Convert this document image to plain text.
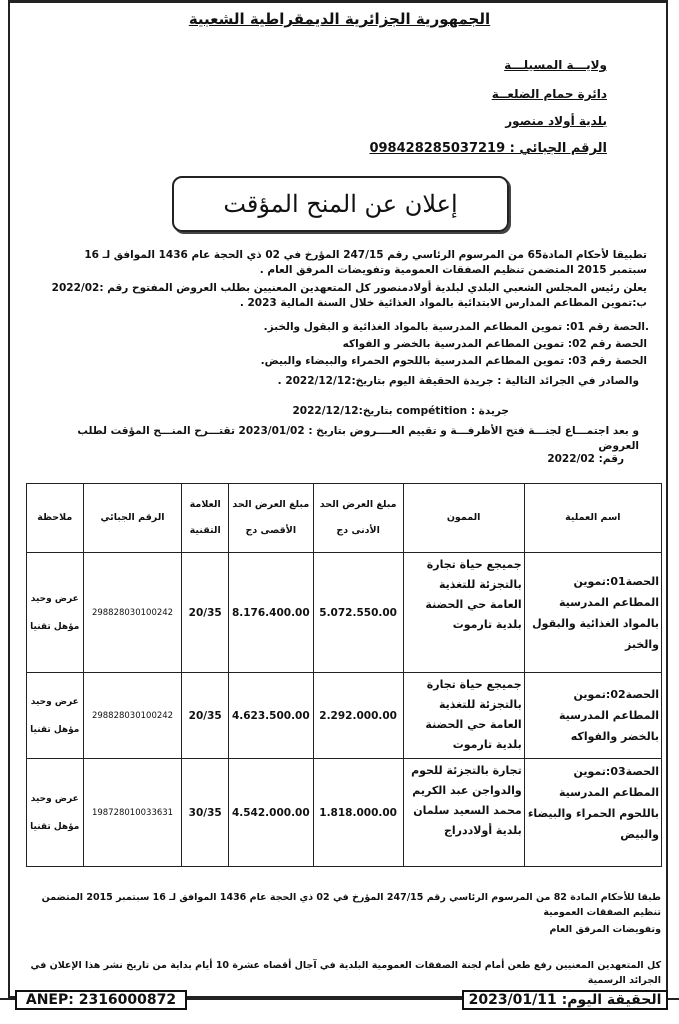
الجمهورية الجزائرية الديمقراطية الشعبية
ولايـــة المسيلـــة
دائرة حمام الضلعــة
بلدية أولاد منصور
الرقم الجبائي : 098428285037219
إعلان عن المنح المؤقت
تطبيقا لأحكام المادة65 من المرسوم الرئاسي رقم 247/15 المؤرخ في 02 ذي الحجة عام 1436 الموافق لـ 16 سبتمبر 2015 المتضمن تنظيم الصفقات العمومية وتفويضات المرفق العام .
يعلن رئيس المجلس الشعبي البلدي لبلدية أولادمنصور كل المتعهدين المعنيين بطلب العروض المفتوح رقم :2022/02 ب:تموين المطاعم المدارس الابتدائية بالمواد الغذائية خلال السنة المالية 2023 .
.الحصة رقم 01: تموين المطاعم المدرسية بالمواد الغذائية و البقول والخبز.
الحصة رقم 02: تموين المطاعم المدرسية بالخضر و الفواكه
الحصة رقم 03: تموين المطاعم المدرسية باللحوم الحمراء والبيضاء والبيض.
والصادر في الجرائد التالية : جريدة الحقيقة اليوم بتاريخ:2022/12/12 .
جريدة : compétition بتاريخ:2022/12/12
و بعد اجتمـــاع لجنـــة فتح الأظرفـــة و تقييم العــــروض بتاريخ : 2023/01/02 تقتـــرح المنـــح المؤقت لطلب العروض
رقم: 2022/02
اسم العملية	الممون	مبلغ العرض الحد الأدنى دج	مبلغ العرض الحد الأقصى دج	العلامة التقنية	الرقم الجبائي	ملاحظة
الحصة01:تموين المطاعم المدرسية بالمواد الغذائية والبقول والخبز	جميجع حياة تجارة بالتجزئة للتغذية العامة حي الحضنة بلدية تارموت	5.072.550.00	8.176.400.00	20/35	298828030100242	عرض وحيد مؤهل تقنيا
الحصة02:تموين المطاعم المدرسية بالخضر والفواكه	جميجع حياة تجارة بالتجزئة للتغذية العامة حي الحضنة بلدية تارموت	2.292.000.00	4.623.500.00	20/35	298828030100242	عرض وحيد مؤهل تقنيا
الحصة03:تموين المطاعم المدرسية باللحوم الحمراء والبيضاء والبيض	تجارة بالتجزئة للحوم والدواجن عبد الكريم محمد السعيد سلمان بلدية أولاددراج	1.818.000.00	4.542.000.00	30/35	198728010033631	عرض وحيد مؤهل تقنيا
طبقا للأحكام المادة 82 من المرسوم الرئاسي رقم 247/15 المؤرخ في 02 ذي الحجة عام 1436 الموافق لـ 16 سبتمبر 2015 المتضمن تنظيم الصفقات العمومية
وتفويضات المرفق العام
كل المتعهدين المعنيين رفع طعن أمام لجنة الصفقات العمومية البلدية في آجال أقصاه عشرة 10 أيام بداية من تاريخ نشر هذا الإعلان في الجرائد الرسمية
ANEP: 2316000872	الحقيقة اليوم: 2023/01/11
